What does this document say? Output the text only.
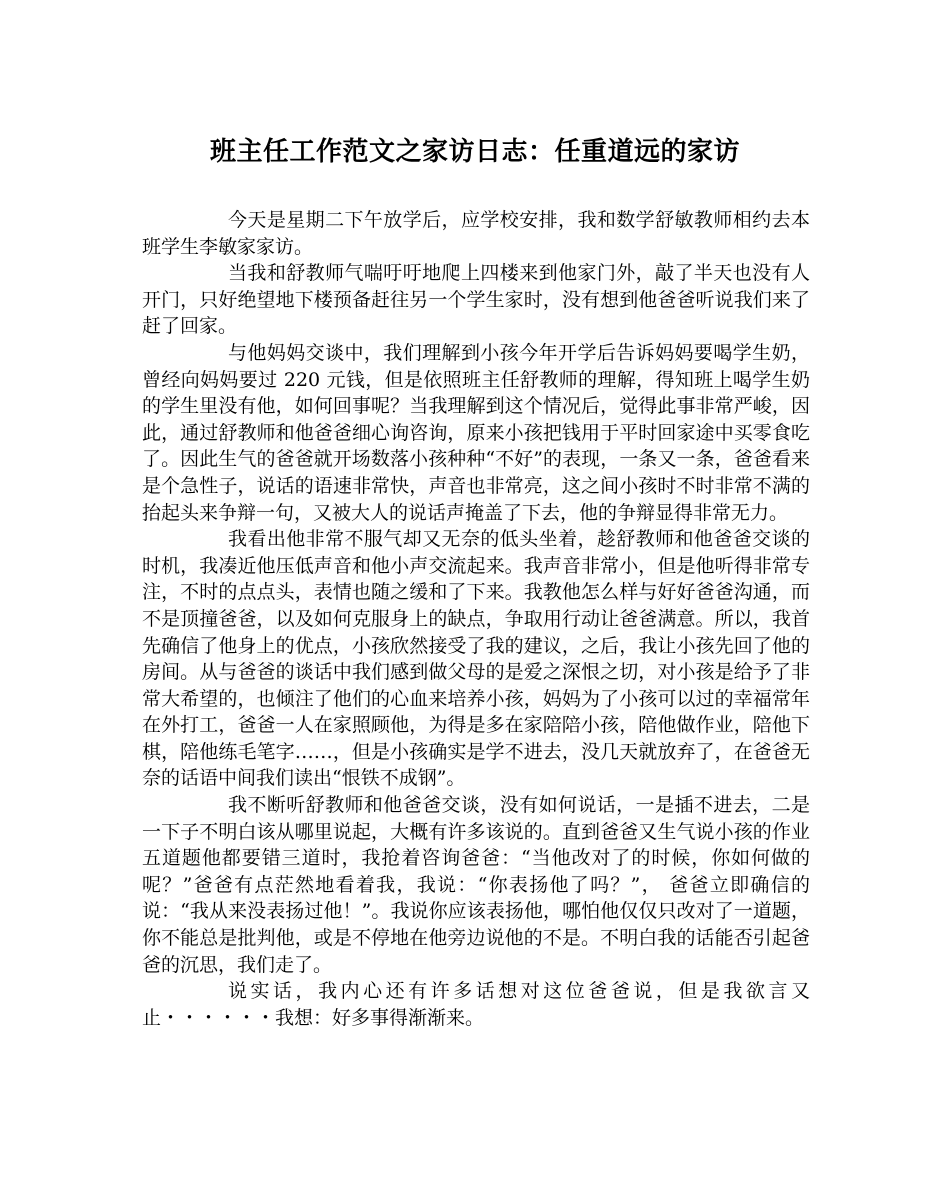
班主任工作范文之家访日志：任重道远的家访

今天是星期二下午放学后，应学校安排，我和数学舒敏教师相约去本班学生李敏家家访。

当我和舒教师气喘吁吁地爬上四楼来到他家门外，敲了半天也没有人开门，只好绝望地下楼预备赶往另一个学生家时，没有想到他爸爸听说我们来了赶了回家。

与他妈妈交谈中，我们理解到小孩今年开学后告诉妈妈要喝学生奶，曾经向妈妈要过 220 元钱，但是依照班主任舒教师的理解，得知班上喝学生奶的学生里没有他，如何回事呢？当我理解到这个情况后，觉得此事非常严峻，因此，通过舒教师和他爸爸细心询咨询，原来小孩把钱用于平时回家途中买零食吃了。因此生气的爸爸就开场数落小孩种种“不好”的表现，一条又一条，爸爸看来是个急性子，说话的语速非常快，声音也非常亮，这之间小孩时不时非常不满的抬起头来争辩一句，又被大人的说话声掩盖了下去，他的争辩显得非常无力。

我看出他非常不服气却又无奈的低头坐着，趁舒教师和他爸爸交谈的时机，我凑近他压低声音和他小声交流起来。我声音非常小，但是他听得非常专注，不时的点点头，表情也随之缓和了下来。我教他怎么样与好好爸爸沟通，而不是顶撞爸爸，以及如何克服身上的缺点，争取用行动让爸爸满意。所以，我首先确信了他身上的优点，小孩欣然接受了我的建议，之后，我让小孩先回了他的房间。从与爸爸的谈话中我们感到做父母的是爱之深恨之切，对小孩是给予了非常大希望的，也倾注了他们的心血来培养小孩，妈妈为了小孩可以过的幸福常年在外打工，爸爸一人在家照顾他，为得是多在家陪陪小孩，陪他做作业，陪他下棋，陪他练毛笔字……，但是小孩确实是学不进去，没几天就放弃了，在爸爸无奈的话语中间我们读出“恨铁不成钢”。

我不断听舒教师和他爸爸交谈，没有如何说话，一是插不进去，二是一下子不明白该从哪里说起，大概有许多该说的。直到爸爸又生气说小孩的作业五道题他都要错三道时，我抢着咨询爸爸：“当他改对了的时候，你如何做的呢？”爸爸有点茫然地看着我，我说：“你表扬他了吗？”， 爸爸立即确信的说：“我从来没表扬过他！”。我说你应该表扬他，哪怕他仅仅只改对了一道题，你不能总是批判他，或是不停地在他旁边说他的不是。不明白我的话能否引起爸爸的沉思，我们走了。

说实话，我内心还有许多话想对这位爸爸说，但是我欲言又止・・・・・・我想：好多事得渐渐来。
